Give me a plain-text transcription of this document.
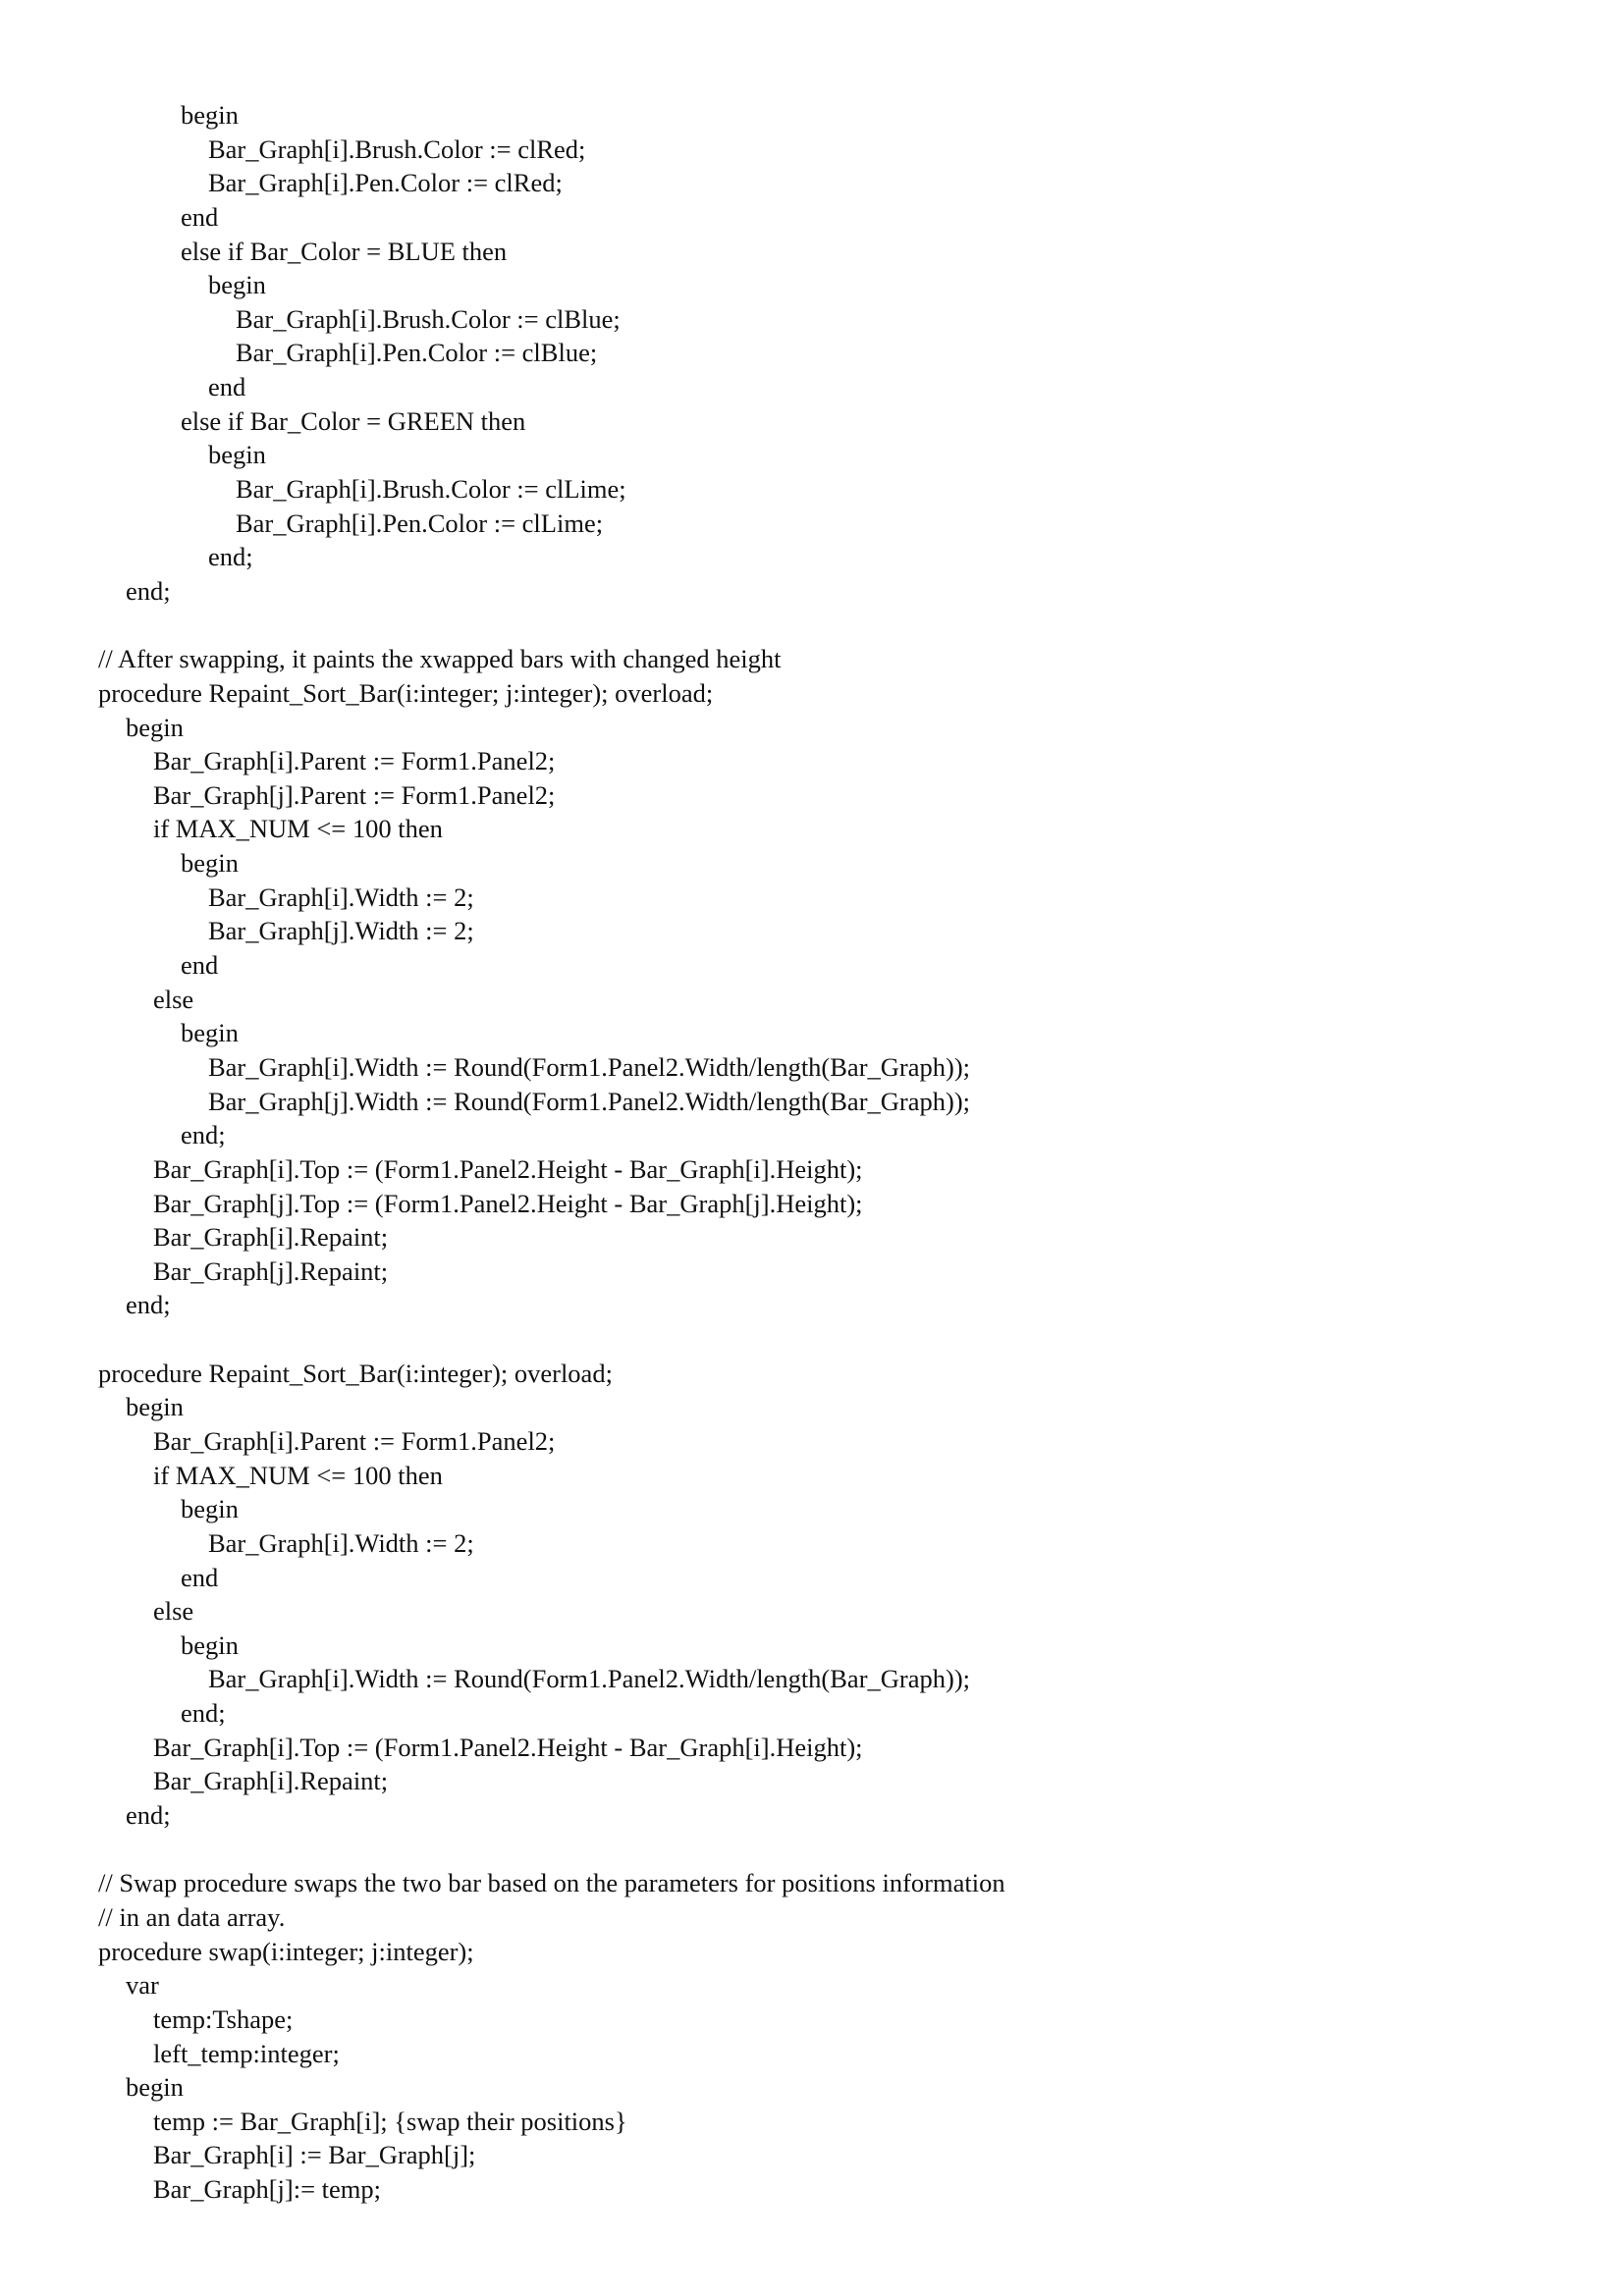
begin
Bar_Graph[i].Brush.Color := clRed;
Bar_Graph[i].Pen.Color := clRed;
end
else if Bar_Color = BLUE then
begin
Bar_Graph[i].Brush.Color := clBlue;
Bar_Graph[i].Pen.Color := clBlue;
end
else if Bar_Color = GREEN then
begin
Bar_Graph[i].Brush.Color := clLime;
Bar_Graph[i].Pen.Color := clLime;
end;
end;
// After swapping, it paints the xwapped bars with changed height
procedure Repaint_Sort_Bar(i:integer; j:integer); overload;
begin
Bar_Graph[i].Parent := Form1.Panel2;
Bar_Graph[j].Parent := Form1.Panel2;
if MAX_NUM <= 100 then
begin
Bar_Graph[i].Width := 2;
Bar_Graph[j].Width := 2;
end
else
begin
Bar_Graph[i].Width := Round(Form1.Panel2.Width/length(Bar_Graph));
Bar_Graph[j].Width := Round(Form1.Panel2.Width/length(Bar_Graph));
end;
Bar_Graph[i].Top := (Form1.Panel2.Height - Bar_Graph[i].Height);
Bar_Graph[j].Top := (Form1.Panel2.Height - Bar_Graph[j].Height);
Bar_Graph[i].Repaint;
Bar_Graph[j].Repaint;
end;
procedure Repaint_Sort_Bar(i:integer); overload;
begin
Bar_Graph[i].Parent := Form1.Panel2;
if MAX_NUM <= 100 then
begin
Bar_Graph[i].Width := 2;
end
else
begin
Bar_Graph[i].Width := Round(Form1.Panel2.Width/length(Bar_Graph));
end;
Bar_Graph[i].Top := (Form1.Panel2.Height - Bar_Graph[i].Height);
Bar_Graph[i].Repaint;
end;
// Swap procedure swaps the two bar based on the parameters for positions information
// in an data array.
procedure swap(i:integer; j:integer);
var
temp:Tshape;
left_temp:integer;
begin
temp := Bar_Graph[i]; {swap their positions}
Bar_Graph[i] := Bar_Graph[j];
Bar_Graph[j]:= temp;
